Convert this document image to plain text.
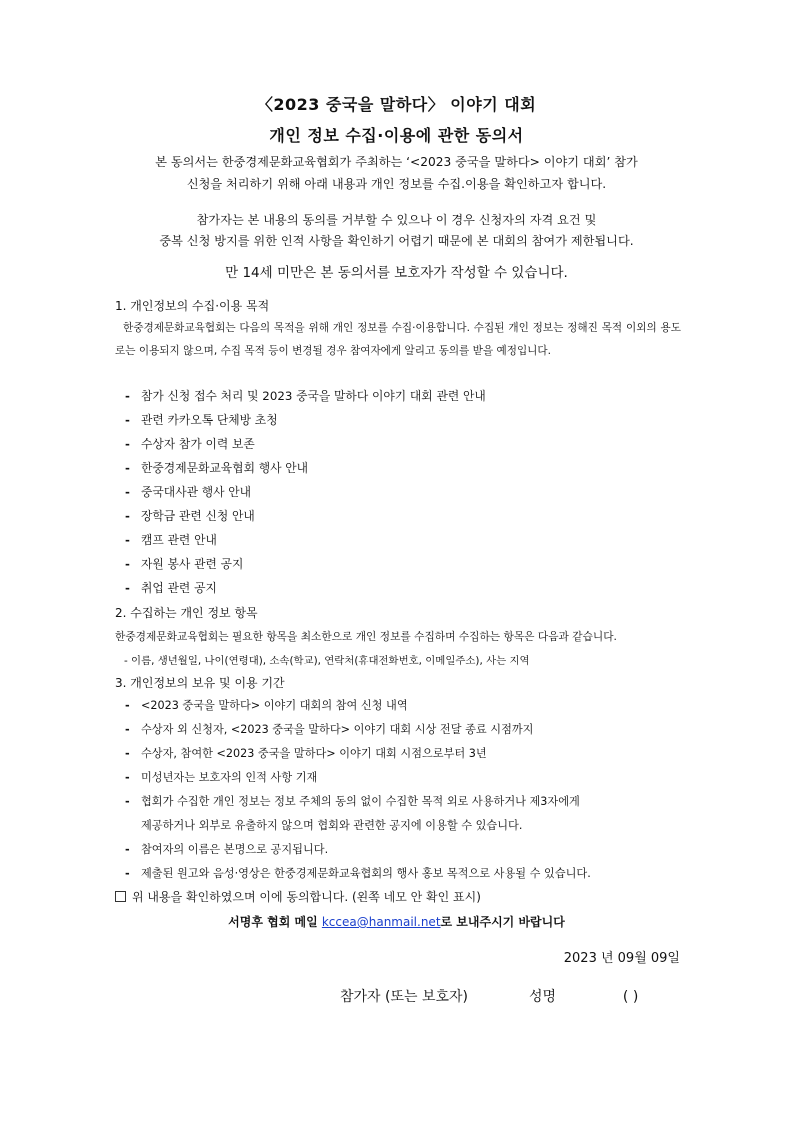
〈2023 중국을 말하다〉 이야기 대회
개인 정보 수집·이용에 관한 동의서
본 동의서는 한중경제문화교육협회가 주최하는 ‘<2023 중국을 말하다> 이야기 대회’ 참가
신청을 처리하기 위해 아래 내용과 개인 정보를 수집.이용을 확인하고자 합니다.
참가자는 본 내용의 동의를 거부할 수 있으나 이 경우 신청자의 자격 요건 및
중복 신청 방지를 위한 인적 사항을 확인하기 어렵기 때문에 본 대회의 참여가 제한됩니다.
만 14세 미만은 본 동의서를 보호자가 작성할 수 있습니다.
1. 개인정보의 수집·이용 목적
한중경제문화교육협회는 다음의 목적을 위해 개인 정보를 수집·이용합니다. 수집된 개인 정보는 정해진 목적 이외의 용도로는 이용되지 않으며, 수집 목적 등이 변경될 경우 참여자에게 알리고 동의를 받을 예정입니다.
- 참가 신청 접수 처리 및 2023 중국을 말하다 이야기 대회 관련 안내
- 관련 카카오톡 단체방 초청
- 수상자 참가 이력 보존
- 한중경제문화교육협회 행사 안내
- 중국대사관 행사 안내
- 장학금 관련 신청 안내
- 캠프 관련 안내
- 자원 봉사 관련 공지
- 취업 관련 공지
2. 수집하는 개인 정보 항목
한중경제문화교육협회는 필요한 항목을 최소한으로 개인 정보를 수집하며 수집하는 항목은 다음과 같습니다.
- 이름, 생년월일, 나이(연령대), 소속(학교), 연락처(휴대전화번호, 이메일주소), 사는 지역
3. 개인정보의 보유 및 이용 기간
- <2023 중국을 말하다> 이야기 대회의 참여 신청 내역
- 수상자 외 신청자, <2023 중국을 말하다> 이야기 대회 시상 전달 종료 시점까지
- 수상자, 참여한 <2023 중국을 말하다> 이야기 대회 시점으로부터 3년
- 미성년자는 보호자의 인적 사항 기재
- 협회가 수집한 개인 정보는 정보 주체의 동의 없이 수집한 목적 외로 사용하거나 제3자에게
제공하거나 외부로 유출하지 않으며 협회와 관련한 공지에 이용할 수 있습니다.
- 참여자의 이름은 본명으로 공지됩니다.
- 제출된 원고와 음성·영상은 한중경제문화교육협회의 행사 홍보 목적으로 사용될 수 있습니다.
위 내용을 확인하였으며 이에 동의합니다. (왼쪽 네모 안 확인 표시)
서명후 협회 메일 kccea@hanmail.net로 보내주시기 바랍니다
2023 년 09월 09일
참가자 (또는 보호자)	성명	( )
